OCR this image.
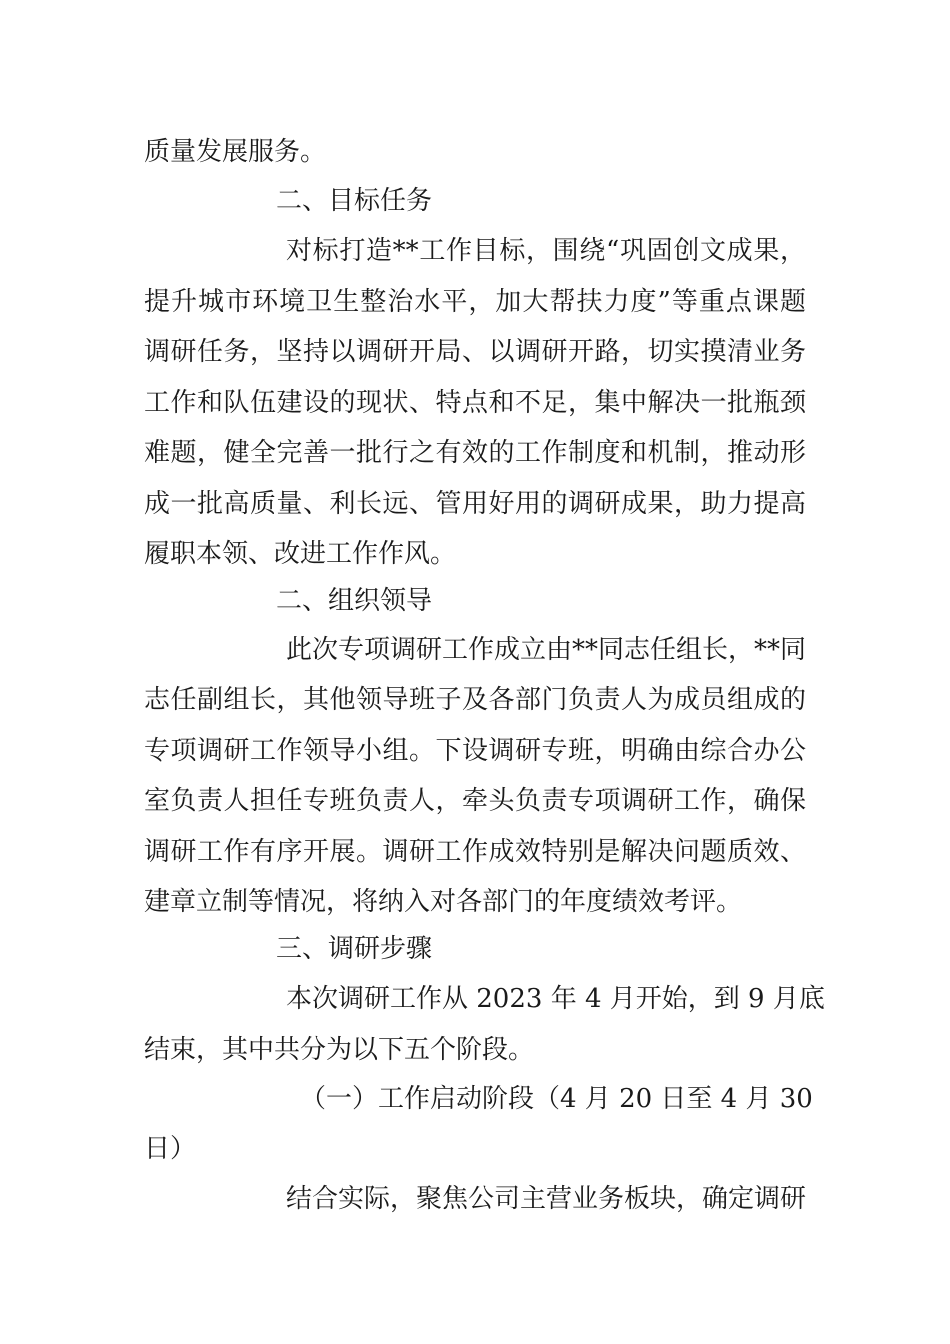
质量发展服务。
二、目标任务
对标打造**工作目标，围绕“巩固创文成果，
提升城市环境卫生整治水平，加大帮扶力度”等重点课题
调研任务，坚持以调研开局、以调研开路，切实摸清业务
工作和队伍建设的现状、特点和不足，集中解决一批瓶颈
难题，健全完善一批行之有效的工作制度和机制，推动形
成一批高质量、利长远、管用好用的调研成果，助力提高
履职本领、改进工作作风。
二、组织领导
此次专项调研工作成立由**同志任组长，**同
志任副组长，其他领导班子及各部门负责人为成员组成的
专项调研工作领导小组。下设调研专班，明确由综合办公
室负责人担任专班负责人，牵头负责专项调研工作，确保
调研工作有序开展。调研工作成效特别是解决问题质效、
建章立制等情况，将纳入对各部门的年度绩效考评。
三、调研步骤
本次调研工作从 2023 年 4 月开始，到 9 月底
结束，其中共分为以下五个阶段。
（一）工作启动阶段（4 月 20 日至 4 月 30
日）
结合实际，聚焦公司主营业务板块，确定调研
